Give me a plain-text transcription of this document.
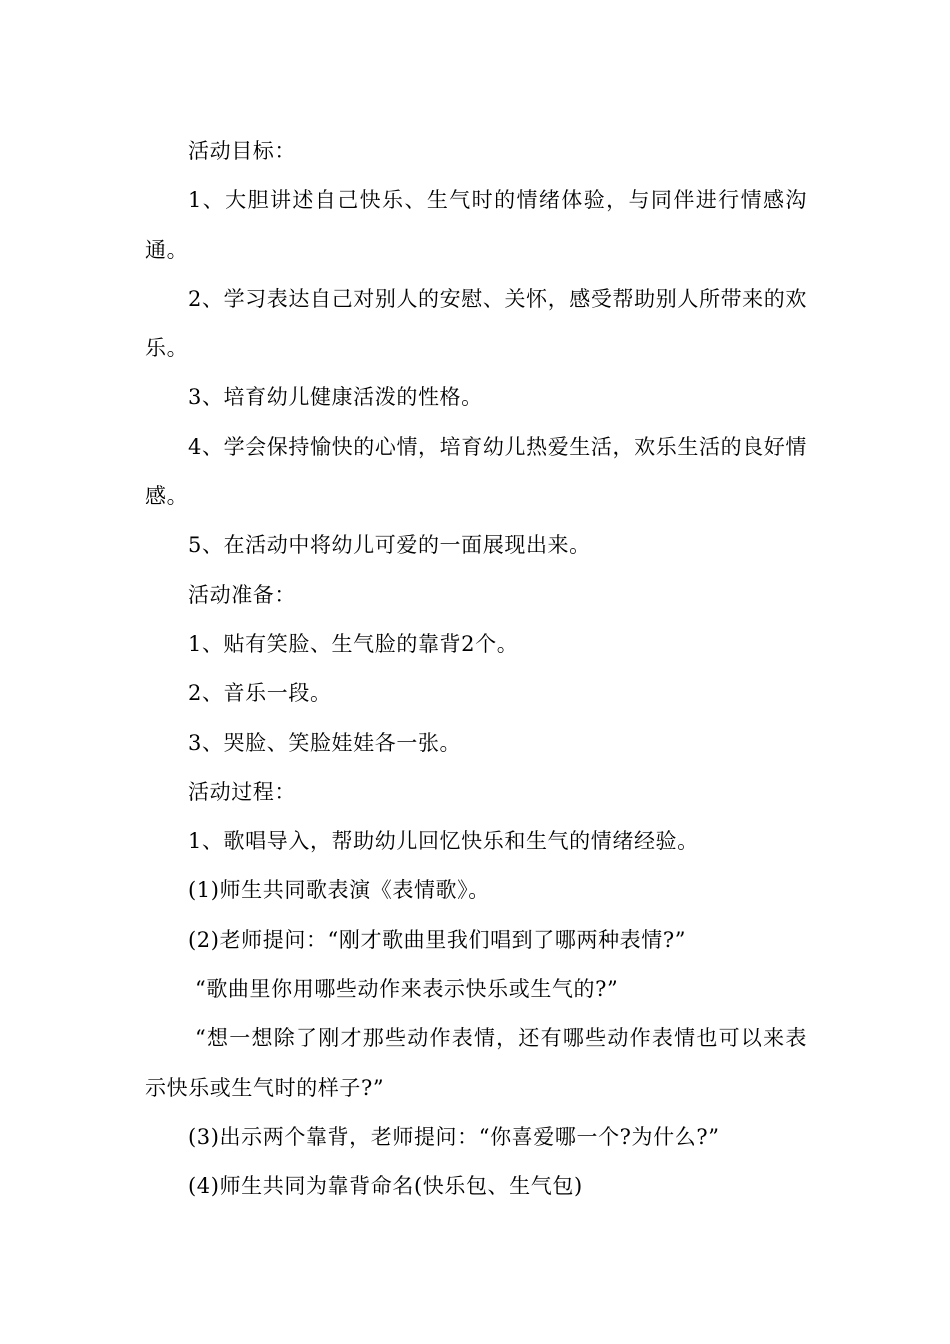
活动目标：

1、大胆讲述自己快乐、生气时的情绪体验，与同伴进行情感沟通。

2、学习表达自己对别人的安慰、关怀，感受帮助别人所带来的欢乐。

3、培育幼儿健康活泼的性格。

4、学会保持愉快的心情，培育幼儿热爱生活，欢乐生活的良好情感。

5、在活动中将幼儿可爱的一面展现出来。

活动准备：

1、贴有笑脸、生气脸的靠背2个。

2、音乐一段。

3、哭脸、笑脸娃娃各一张。

活动过程：

1、歌唱导入，帮助幼儿回忆快乐和生气的情绪经验。

(1)师生共同歌表演《表情歌》。

(2)老师提问：“刚才歌曲里我们唱到了哪两种表情?”

“歌曲里你用哪些动作来表示快乐或生气的?”

“想一想除了刚才那些动作表情，还有哪些动作表情也可以来表示快乐或生气时的样子?”

(3)出示两个靠背，老师提问：“你喜爱哪一个?为什么?”

(4)师生共同为靠背命名(快乐包、生气包)
